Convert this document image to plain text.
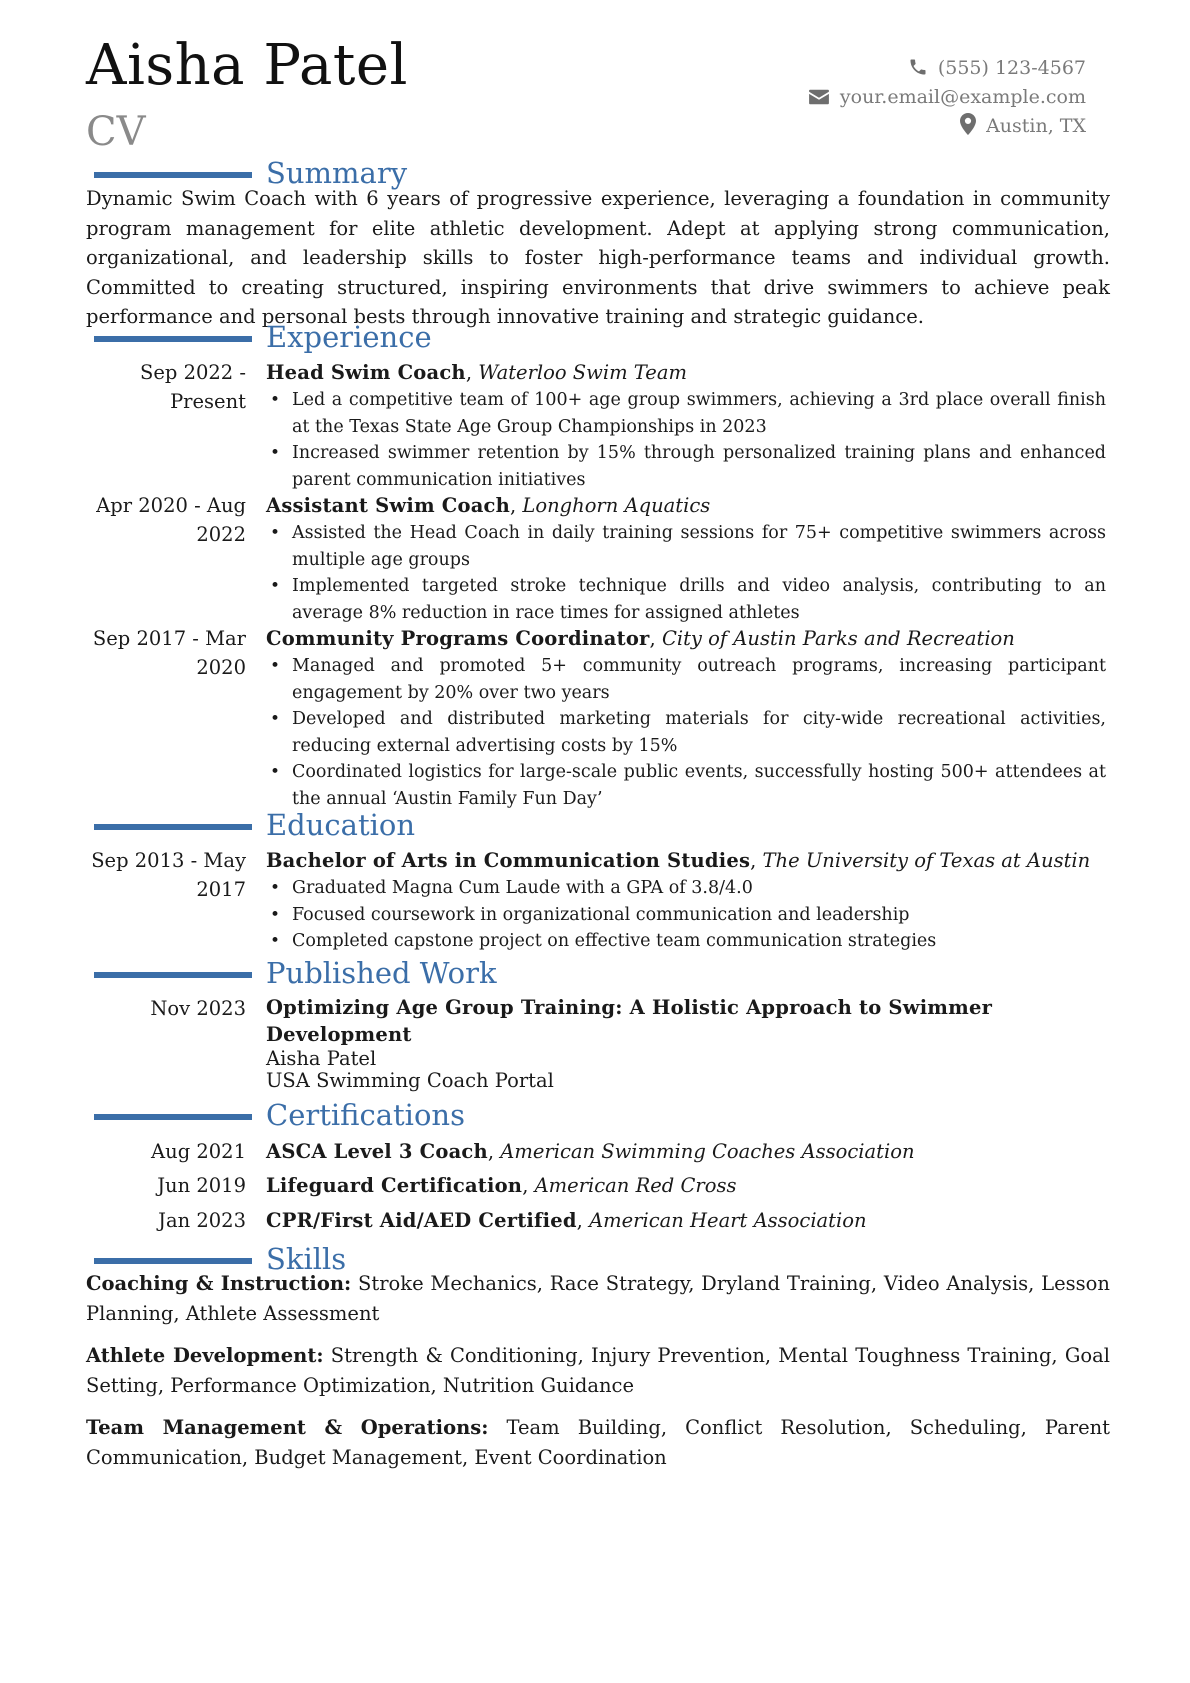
Aisha Patel
CV
(555) 123-4567
your.email@example.com
Austin, TX
Summary
Dynamic Swim Coach with 6 years of progressive experience, leveraging a foundation in community program management for elite athletic development. Adept at applying strong communication, organizational, and leadership skills to foster high-performance teams and individual growth. Committed to creating structured, inspiring environments that drive swimmers to achieve peak performance and personal bests through innovative training and strategic guidance.
Experience
Sep 2022 - Present
Head Swim Coach, Waterloo Swim Team
• Led a competitive team of 100+ age group swimmers, achieving a 3rd place overall finish at the Texas State Age Group Championships in 2023
• Increased swimmer retention by 15% through personalized training plans and enhanced parent communication initiatives
Apr 2020 - Aug 2022
Assistant Swim Coach, Longhorn Aquatics
• Assisted the Head Coach in daily training sessions for 75+ competitive swimmers across multiple age groups
• Implemented targeted stroke technique drills and video analysis, contributing to an average 8% reduction in race times for assigned athletes
Sep 2017 - Mar 2020
Community Programs Coordinator, City of Austin Parks and Recreation
• Managed and promoted 5+ community outreach programs, increasing participant engagement by 20% over two years
• Developed and distributed marketing materials for city-wide recreational activities, reducing external advertising costs by 15%
• Coordinated logistics for large-scale public events, successfully hosting 500+ attendees at the annual ‘Austin Family Fun Day’
Education
Sep 2013 - May 2017
Bachelor of Arts in Communication Studies, The University of Texas at Austin
• Graduated Magna Cum Laude with a GPA of 3.8/4.0
• Focused coursework in organizational communication and leadership
• Completed capstone project on effective team communication strategies
Published Work
Nov 2023 Optimizing Age Group Training: A Holistic Approach to Swimmer Development
Aisha Patel
USA Swimming Coach Portal
Certifications
Aug 2021 ASCA Level 3 Coach, American Swimming Coaches Association
Jun 2019 Lifeguard Certification, American Red Cross
Jan 2023 CPR/First Aid/AED Certified, American Heart Association
Skills

Coaching & Instruction: Stroke Mechanics, Race Strategy, Dryland Training, Video Analysis, Lesson Planning, Athlete Assessment

Athlete Development: Strength & Conditioning, Injury Prevention, Mental Toughness Training, Goal Setting, Performance Optimization, Nutrition Guidance

Team Management & Operations: Team Building, Conflict Resolution, Scheduling, Parent Communication, Budget Management, Event Coordination
